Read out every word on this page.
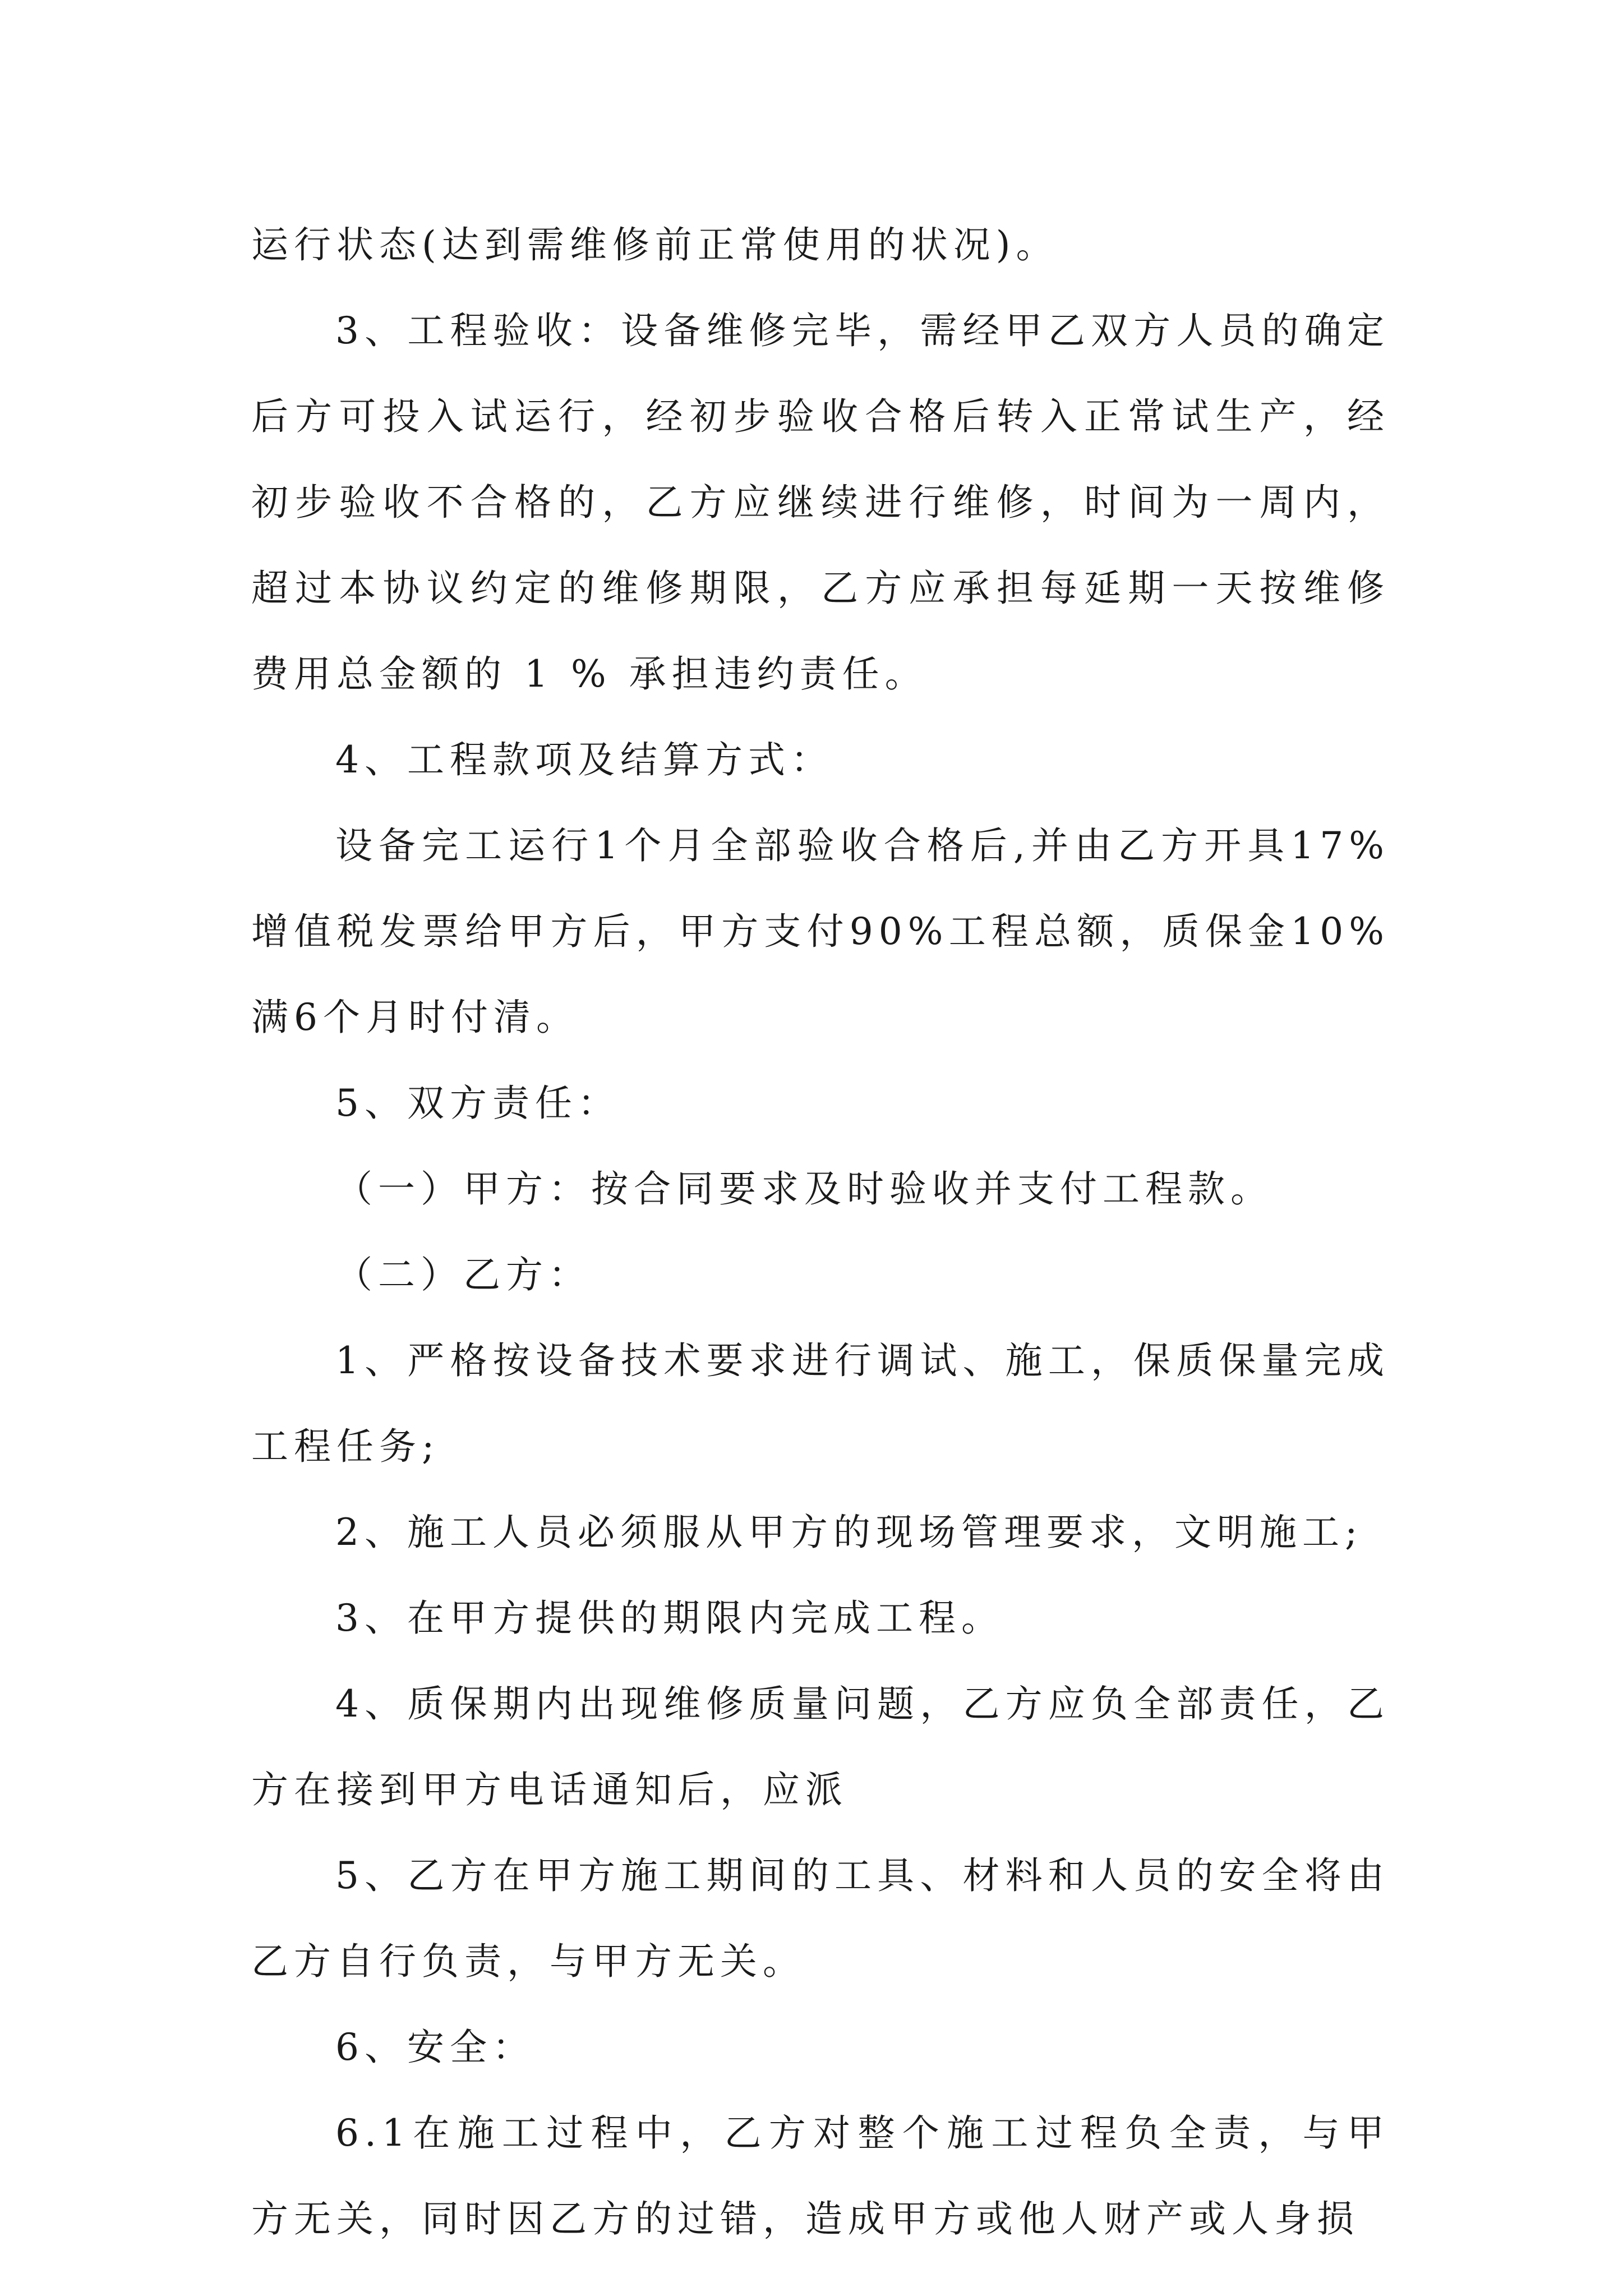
运行状态(达到需维修前正常使用的状况)。

3、工程验收：设备维修完毕，需经甲乙双方人员的确定后方可投入试运行，经初步验收合格后转入正常试生产，经初步验收不合格的，乙方应继续进行维修，时间为一周内，超过本协议约定的维修期限，乙方应承担每延期一天按维修费用总金额的 1 % 承担违约责任。

4、工程款项及结算方式：

设备完工运行1个月全部验收合格后,并由乙方开具17%增值税发票给甲方后，甲方支付90%工程总额，质保金10%满6个月时付清。

5、双方责任：

（一）甲方：按合同要求及时验收并支付工程款。

（二）乙方：

1、严格按设备技术要求进行调试、施工，保质保量完成工程任务;

2、施工人员必须服从甲方的现场管理要求，文明施工;

3、在甲方提供的期限内完成工程。

4、质保期内出现维修质量问题，乙方应负全部责任，乙方在接到甲方电话通知后，应派

5、乙方在甲方施工期间的工具、材料和人员的安全将由乙方自行负责，与甲方无关。

6、安全：

6.1在施工过程中，乙方对整个施工过程负全责，与甲方无关，同时因乙方的过错，造成甲方或他人财产或人身损
